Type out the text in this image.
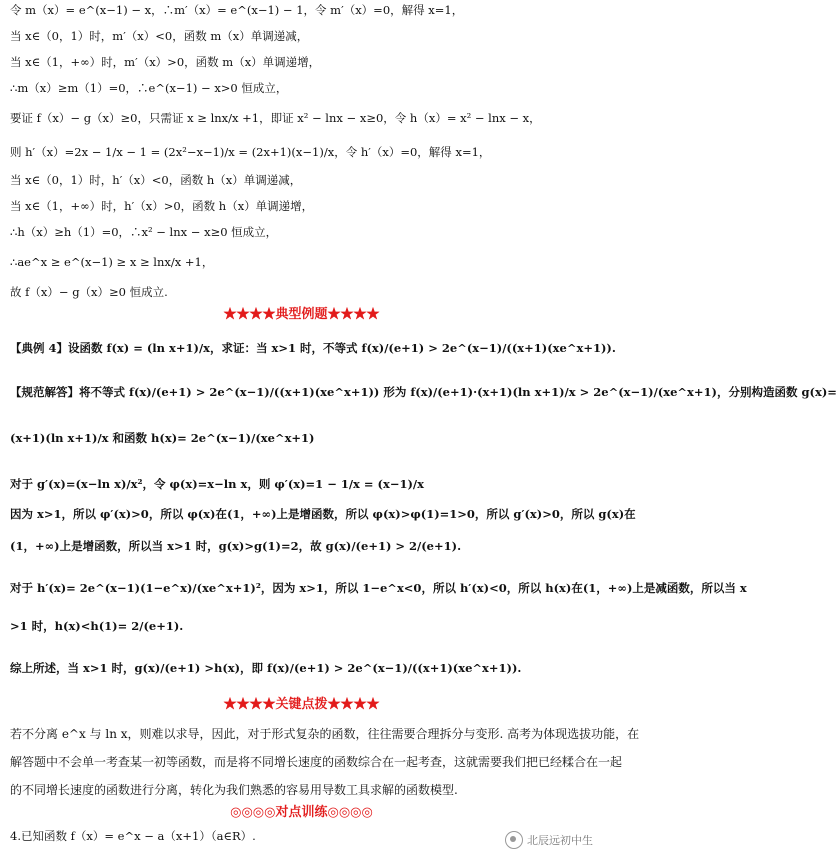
令 m（x）= e^(x−1) − x，∴m′（x）= e^(x−1) − 1，令 m′（x）=0，解得 x=1，
当 x∈（0，1）时，m′（x）<0，函数 m（x）单调递减，
当 x∈（1，+∞）时，m′（x）>0，函数 m（x）单调递增，
∴m（x）≥m（1）=0，∴e^(x−1) − x>0 恒成立，
要证 f（x）− g（x）≥0，只需证 x ≥ lnx/x +1，即证 x² − lnx − x≥0，令 h（x）= x² − lnx − x，
则 h′（x）=2x − 1/x − 1 = (2x²−x−1)/x = (2x+1)(x−1)/x，令 h′（x）=0，解得 x=1，
当 x∈（0，1）时，h′（x）<0，函数 h（x）单调递减，
当 x∈（1，+∞）时，h′（x）>0，函数 h（x）单调递增，
∴h（x）≥h（1）=0，∴x² − lnx − x≥0 恒成立，
∴ae^x ≥ e^(x−1) ≥ x ≥ lnx/x +1，
故 f（x）− g（x）≥0 恒成立.
★★★★典型例题★★★★
【典例 4】设函数 f(x) = (ln x+1)/x，求证：当 x>1 时，不等式 f(x)/(e+1) > 2e^(x−1)/((x+1)(xe^x+1)).
【规范解答】将不等式 f(x)/(e+1) > 2e^(x−1)/((x+1)(xe^x+1)) 形为 f(x)/(e+1)·(x+1)(ln x+1)/x > 2e^(x−1)/(xe^x+1)，分别构造函数 g(x)=
(x+1)(ln x+1)/x 和函数 h(x)= 2e^(x−1)/(xe^x+1)
对于 g′(x)=(x−ln x)/x²，令 φ(x)=x−ln x，则 φ′(x)=1 − 1/x = (x−1)/x
因为 x>1，所以 φ′(x)>0，所以 φ(x)在(1，+∞)上是增函数，所以 φ(x)>φ(1)=1>0，所以 g′(x)>0，所以 g(x)在
(1，+∞)上是增函数，所以当 x>1 时，g(x)>g(1)=2，故 g(x)/(e+1) > 2/(e+1).
对于 h′(x)= 2e^(x−1)(1−e^x)/(xe^x+1)²，因为 x>1，所以 1−e^x<0，所以 h′(x)<0，所以 h(x)在(1，+∞)上是减函数，所以当 x
>1 时，h(x)<h(1)= 2/(e+1).
综上所述，当 x>1 时，g(x)/(e+1) >h(x)，即 f(x)/(e+1) > 2e^(x−1)/((x+1)(xe^x+1)).
★★★★关键点拨★★★★
若不分离 e^x 与 ln x，则难以求导，因此，对于形式复杂的函数，往往需要合理拆分与变形. 高考为体现选拔功能，在
解答题中不会单一考查某一初等函数，而是将不同增长速度的函数综合在一起考查，这就需要我们把已经糅合在一起
的不同增长速度的函数进行分离，转化为我们熟悉的容易用导数工具求解的函数模型.
◎◎◎◎对点训练◎◎◎◎
4.已知函数 f（x）= e^x − a（x+1）（a∈R）.	北辰远初中生
